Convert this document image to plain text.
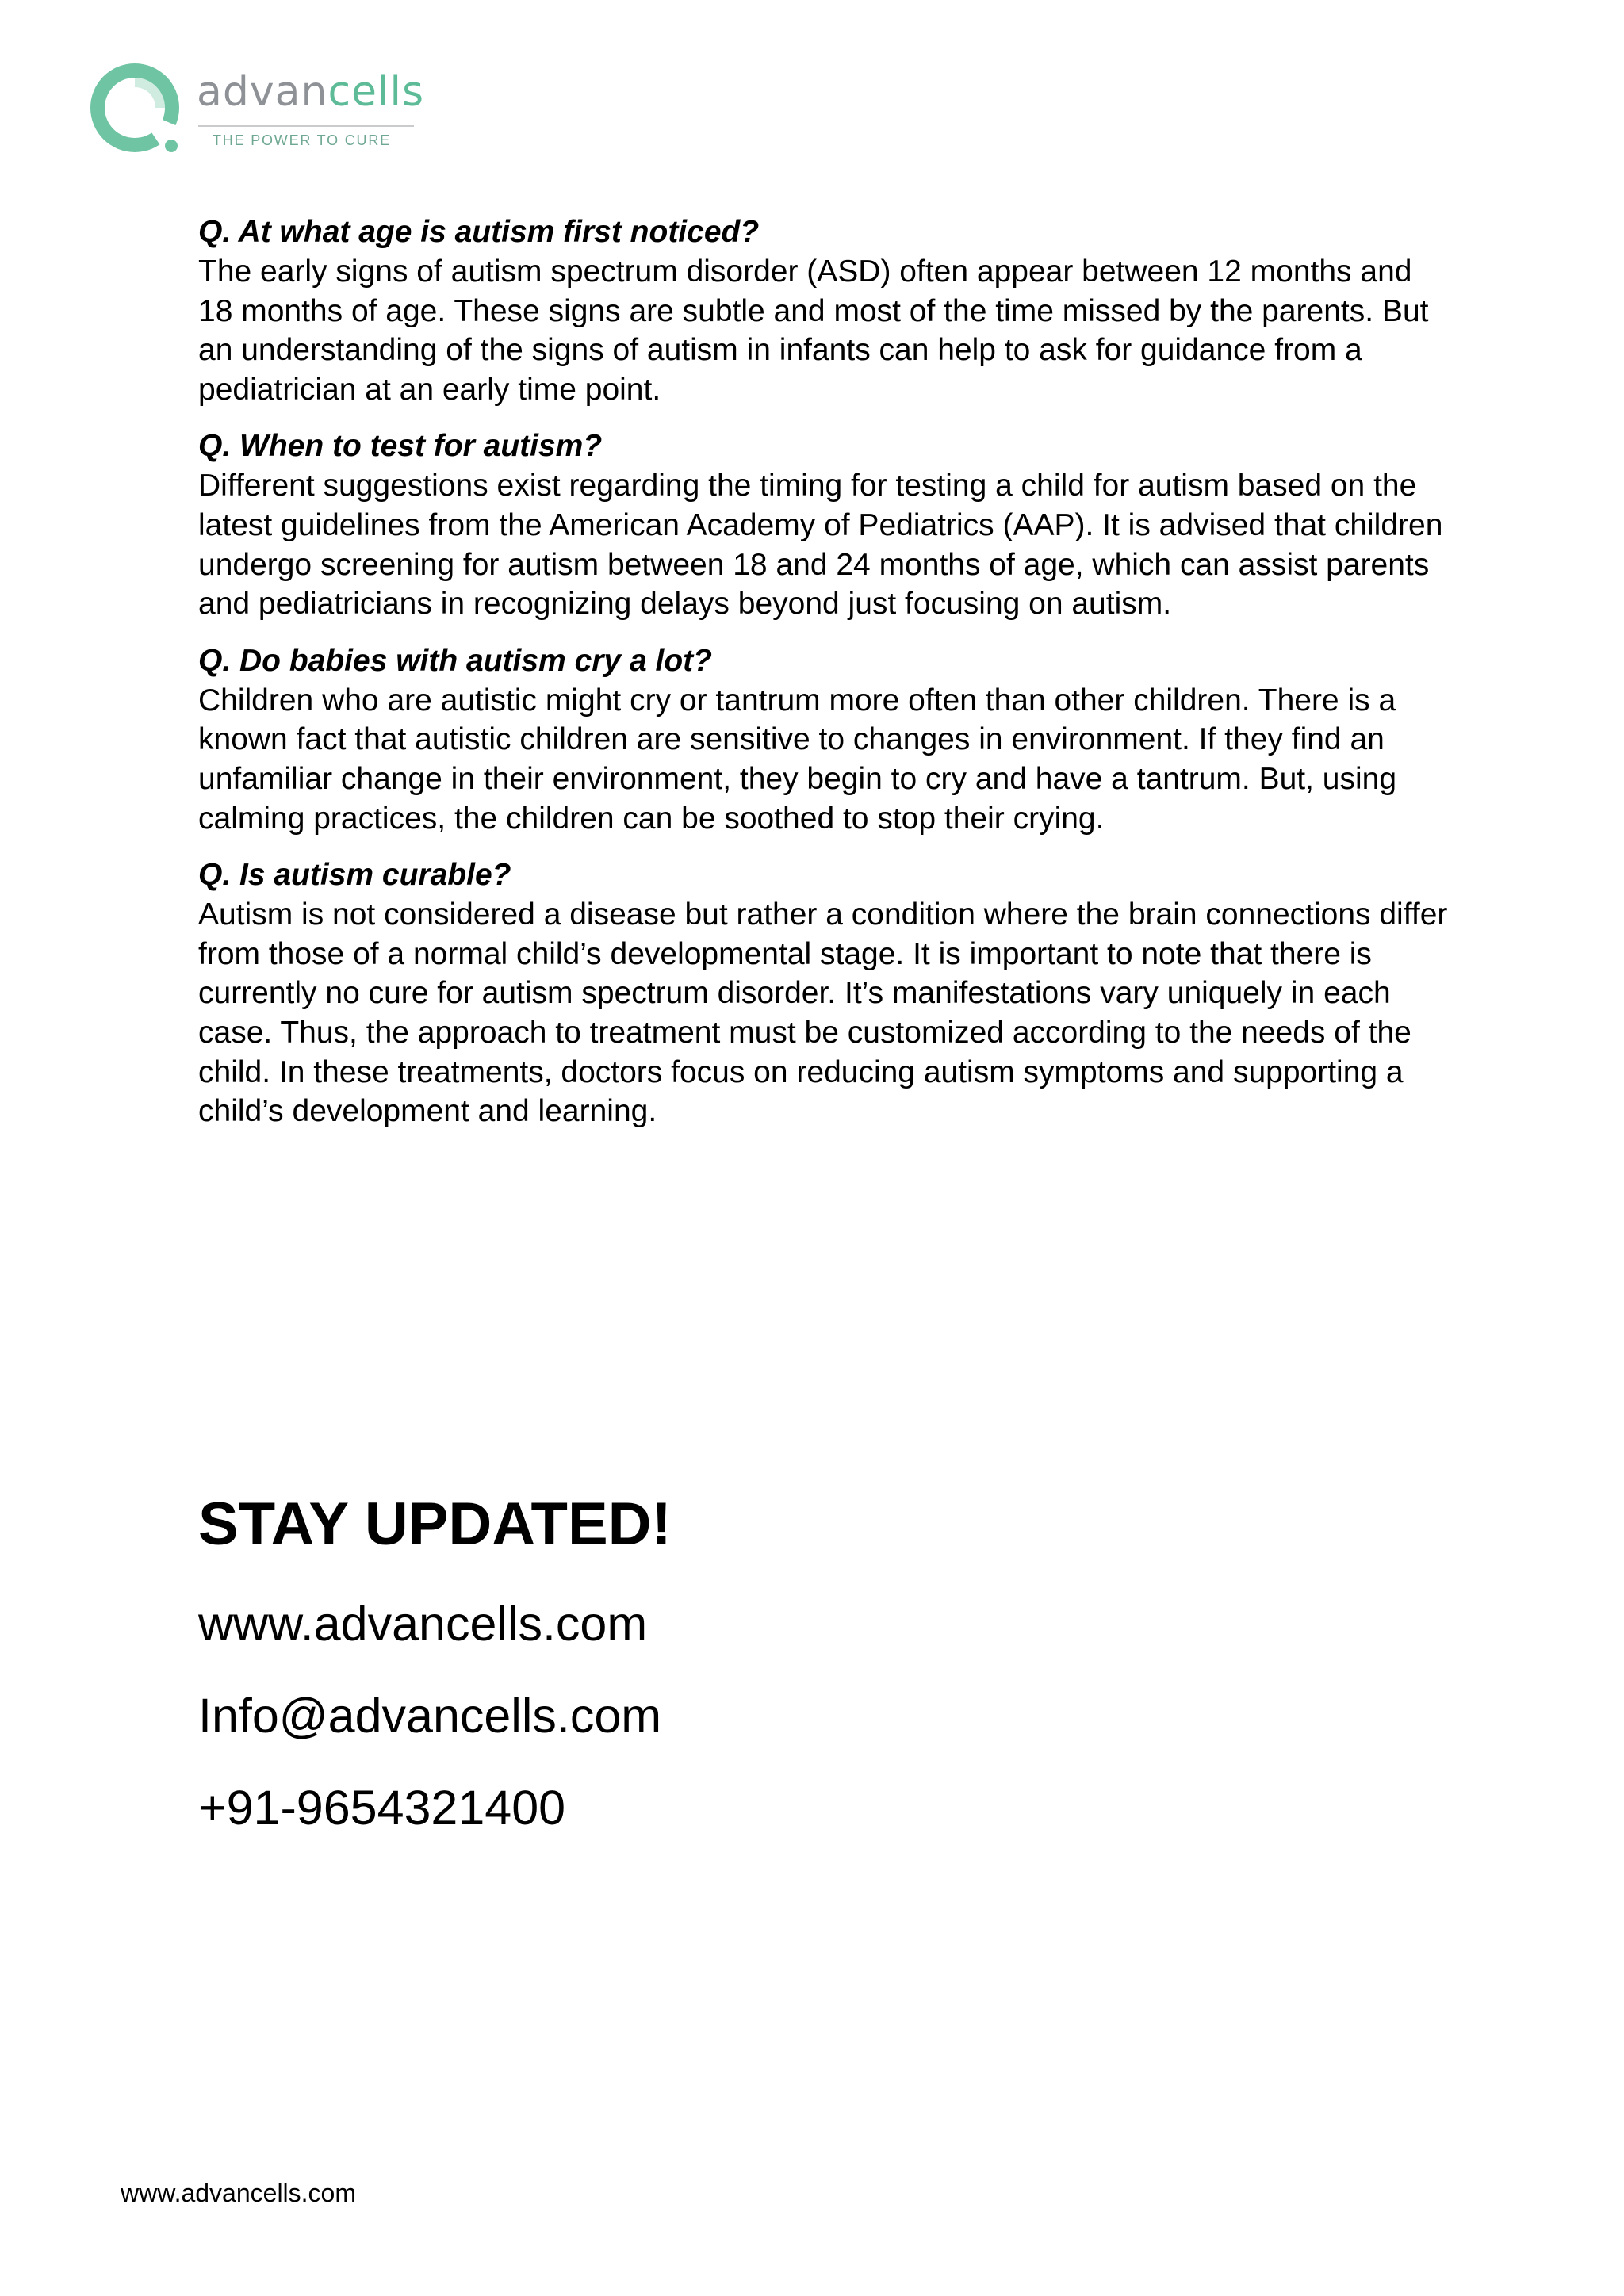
advancells
THE POWER TO CURE

Q. At what age is autism first noticed?

The early signs of autism spectrum disorder (ASD) often appear between 12 months and 18 months of age. These signs are subtle and most of the time missed by the parents. But an understanding of the signs of autism in infants can help to ask for guidance from a pediatrician at an early time point.

Q. When to test for autism?

Different suggestions exist regarding the timing for testing a child for autism based on the latest guidelines from the American Academy of Pediatrics (AAP). It is advised that children undergo screening for autism between 18 and 24 months of age, which can assist parents and pediatricians in recognizing delays beyond just focusing on autism.

Q. Do babies with autism cry a lot?

Children who are autistic might cry or tantrum more often than other children. There is a known fact that autistic children are sensitive to changes in environment. If they find an unfamiliar change in their environment, they begin to cry and have a tantrum. But, using calming practices, the children can be soothed to stop their crying.

Q. Is autism curable?

Autism is not considered a disease but rather a condition where the brain connections differ from those of a normal child’s developmental stage. It is important to note that there is currently no cure for autism spectrum disorder. It’s manifestations vary uniquely in each case. Thus, the approach to treatment must be customized according to the needs of the child. In these treatments, doctors focus on reducing autism symptoms and supporting a child’s development and learning.

STAY UPDATED!

www.advancells.com

Info@advancells.com

+91-9654321400

www.advancells.com
